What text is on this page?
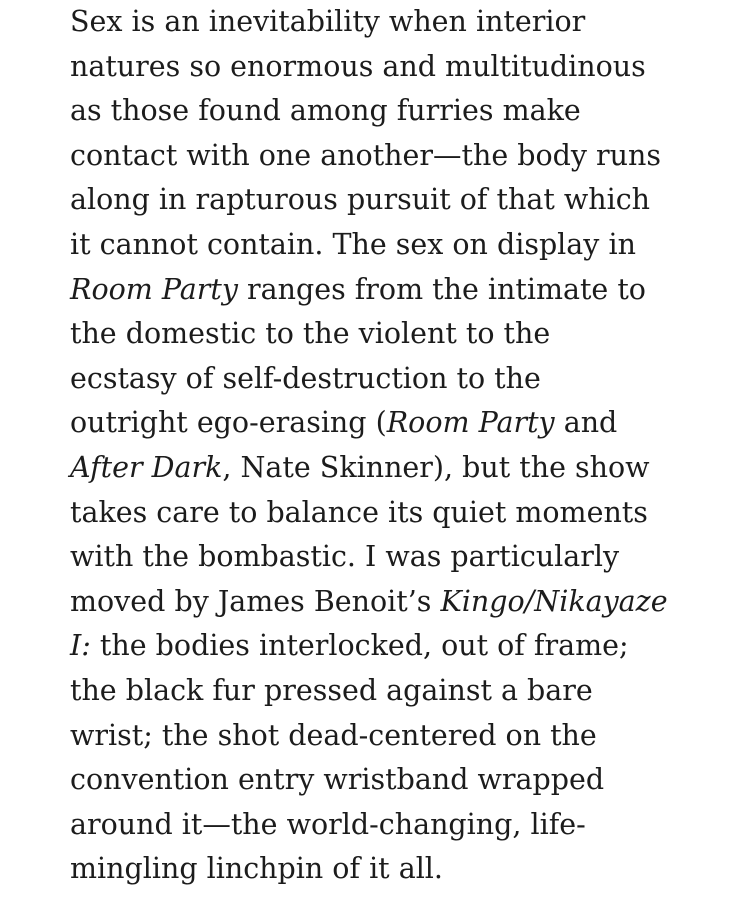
Sex is an inevitability when interior
natures so enormous and multitudinous
as those found among furries make
contact with one another—the body runs
along in rapturous pursuit of that which
it cannot contain. The sex on display in
Room Party ranges from the intimate to
the domestic to the violent to the
ecstasy of self-destruction to the
outright ego-erasing (Room Party and
After Dark, Nate Skinner), but the show
takes care to balance its quiet moments
with the bombastic. I was particularly
moved by James Benoit’s Kingo/Nikayaze
I: the bodies interlocked, out of frame;
the black fur pressed against a bare
wrist; the shot dead-centered on the
convention entry wristband wrapped
around it—the world-changing, life-
mingling linchpin of it all.
